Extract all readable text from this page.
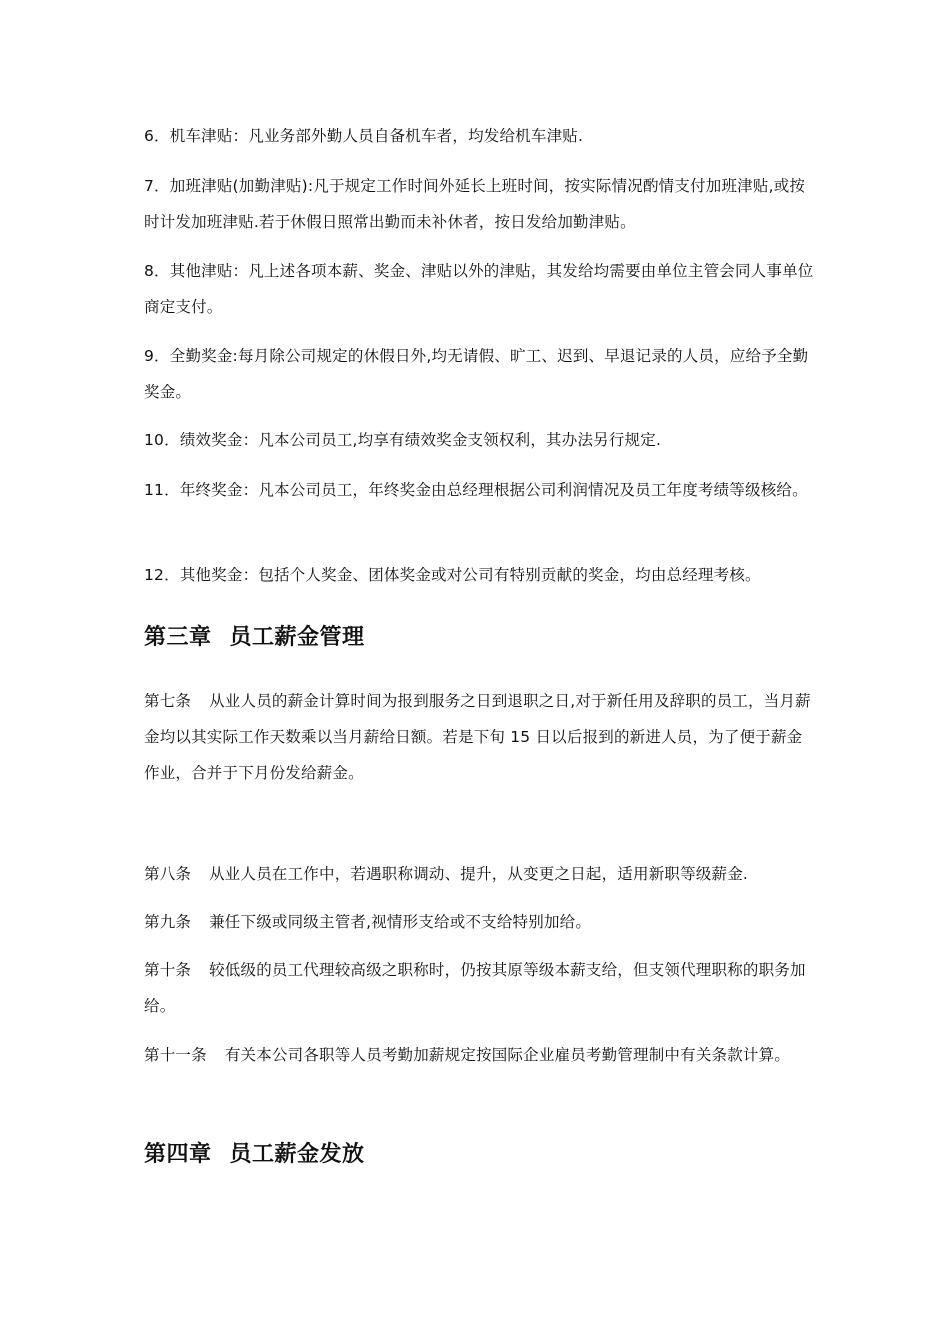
6．机车津贴：凡业务部外勤人员自备机车者，均发给机车津贴.
7．加班津贴(加勤津贴):凡于规定工作时间外延长上班时间，按实际情况酌情支付加班津贴,或按时计发加班津贴.若于休假日照常出勤而未补休者，按日发给加勤津贴。
8．其他津贴：凡上述各项本薪、奖金、津贴以外的津贴，其发给均需要由单位主管会同人事单位商定支付。
9．全勤奖金:每月除公司规定的休假日外,均无请假、旷工、迟到、早退记录的人员，应给予全勤奖金。
10．绩效奖金：凡本公司员工,均享有绩效奖金支领权利，其办法另行规定.
11．年终奖金：凡本公司员工，年终奖金由总经理根据公司利润情况及员工年度考绩等级核给。
12．其他奖金：包括个人奖金、团体奖金或对公司有特别贡献的奖金，均由总经理考核。
第三章 员工薪金管理
第七条 从业人员的薪金计算时间为报到服务之日到退职之日,对于新任用及辞职的员工，当月薪金均以其实际工作天数乘以当月薪给日额。若是下旬 15 日以后报到的新进人员，为了便于薪金作业，合并于下月份发给薪金。
第八条 从业人员在工作中，若遇职称调动、提升，从变更之日起，适用新职等级薪金.
第九条 兼任下级或同级主管者,视情形支给或不支给特别加给。
第十条 较低级的员工代理较高级之职称时，仍按其原等级本薪支给，但支领代理职称的职务加给。
第十一条 有关本公司各职等人员考勤加薪规定按国际企业雇员考勤管理制中有关条款计算。
第四章 员工薪金发放
